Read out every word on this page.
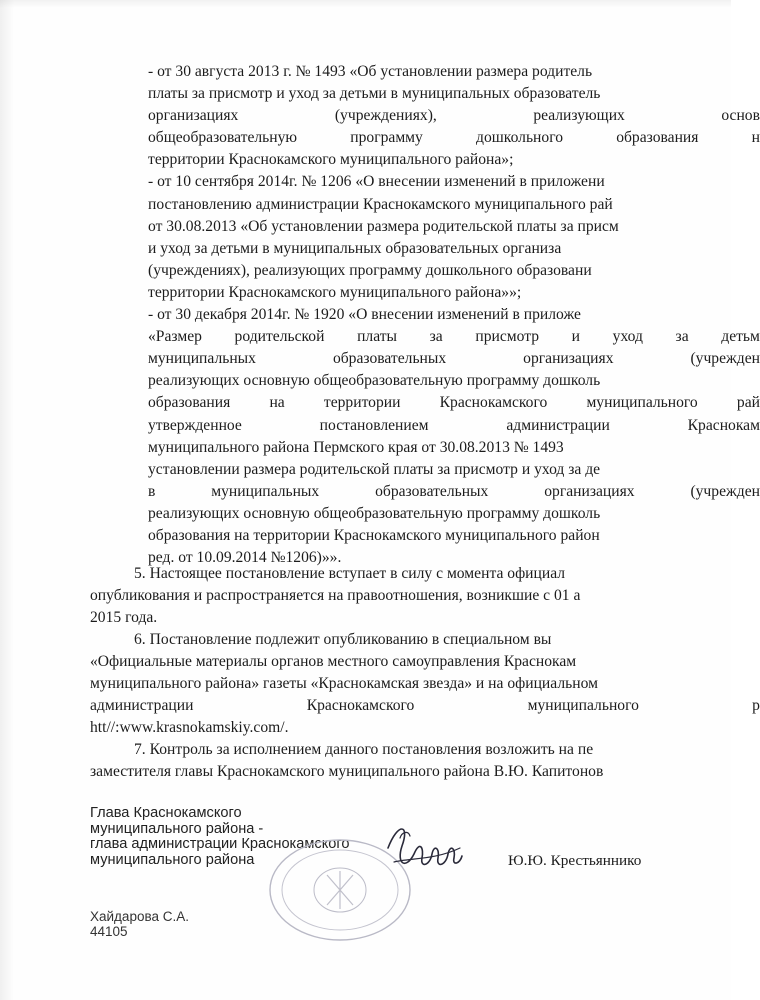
- от 30 августа 2013 г. № 1493 «Об установлении размера родитель
платы за присмотр и уход за детьми в муниципальных образователь
организациях	(учреждениях),	реализующих	основ
общеобразовательную	программу	дошкольного	образования	н
территории Краснокамского муниципального района»;
- от 10 сентября 2014г. № 1206 «О внесении изменений в приложени
постановлению администрации Краснокамского муниципального рай
от 30.08.2013 «Об установлении размера родительской платы за присм
и уход за детьми в муниципальных образовательных организа
(учреждениях), реализующих программу дошкольного образовани
территории Краснокамского муниципального района»»;
- от 30 декабря 2014г. № 1920 «О внесении изменений в приложе
«Размер родительской платы за присмотр и уход за детьм
муниципальных	образовательных	организациях	(учрежден
реализующих основную общеобразовательную программу дошколь
образования	на	территории	Краснокамского	муниципального	рай
утвержденное	постановлением	администрации	Краснокам
муниципального района Пермского края от 30.08.2013 № 1493
установлении размера родительской платы за присмотр и уход за де
в	муниципальных	образовательных	организациях	(учрежден
реализующих основную общеобразовательную программу дошколь
образования на территории Краснокамского муниципального район
ред. от 10.09.2014 №1206)»».
5. Настоящее постановление вступает в силу с момента официал
опубликования и распространяется на правоотношения, возникшие с 01 а
2015 года.
6. Постановление подлежит опубликованию в специальном вы
«Официальные материалы органов местного самоуправления Краснокам
муниципального района» газеты «Краснокамская звезда» и на официальном
администрации	Краснокамского	муниципального	р
htt//:www.krasnokamskiy.com/.
7. Контроль за исполнением данного постановления возложить на пе
заместителя главы Краснокамского муниципального района В.Ю. Капитонов
Глава Краснокамского
муниципального района -
глава администрации Краснокамского
муниципального района	Ю.Ю. Крестьяннико
Хайдарова С.А.
44105
